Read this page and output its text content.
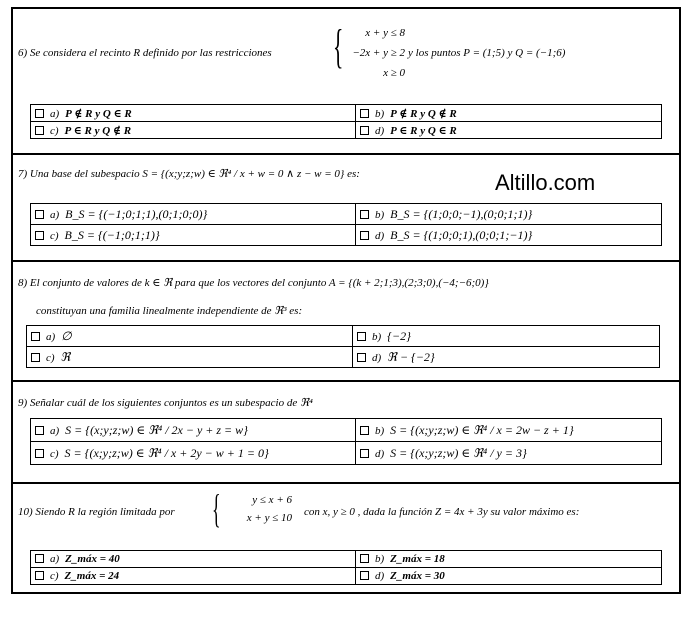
6) Se considera el recinto R definido por las restricciones {	x + y ≤ 8
−2x + y ≥ 2
x ≥ 0
y los puntos P = (1;5) y Q = (−1;6)
a) P ∉ R y Q ∈ R	b) P ∉ R y Q ∉ R
c) P ∈ R y Q ∉ R	d) P ∈ R y Q ∈ R
7) Una base del subespacio S = {(x;y;z;w) ∈ ℜ⁴ / x + w = 0 ∧ z − w = 0} es:	Altillo.com
a) B_S = {(−1;0;1;1),(0;1;0;0)}	b) B_S = {(1;0;0;−1),(0;0;1;1)}
c) B_S = {(−1;0;1;1)}	d) B_S = {(1;0;0;1),(0;0;1;−1)}
8) El conjunto de valores de k ∈ ℜ para que los vectores del conjunto A = {(k + 2;1;3),(2;3;0),(−4;−6;0)}
constituyan una familia linealmente independiente de ℜ³ es:
a) ∅	b) {−2}
c) ℜ	d) ℜ − {−2}
9) Señalar cuál de los siguientes conjuntos es un subespacio de ℜ⁴
a) S = {(x;y;z;w) ∈ ℜ⁴ / 2x − y + z = w}	b) S = {(x;y;z;w) ∈ ℜ⁴ / x = 2w − z + 1}
c) S = {(x;y;z;w) ∈ ℜ⁴ / x + 2y − w + 1 = 0}	d) S = {(x;y;z;w) ∈ ℜ⁴ / y = 3}
10) Siendo R la región limitada por {	y ≤ x + 6
x + y ≤ 10 con x, y ≥ 0 , dada la función Z = 4x + 3y su valor máximo es:
a) Z_máx = 40	b) Z_máx = 18
c) Z_máx = 24	d) Z_máx = 30
